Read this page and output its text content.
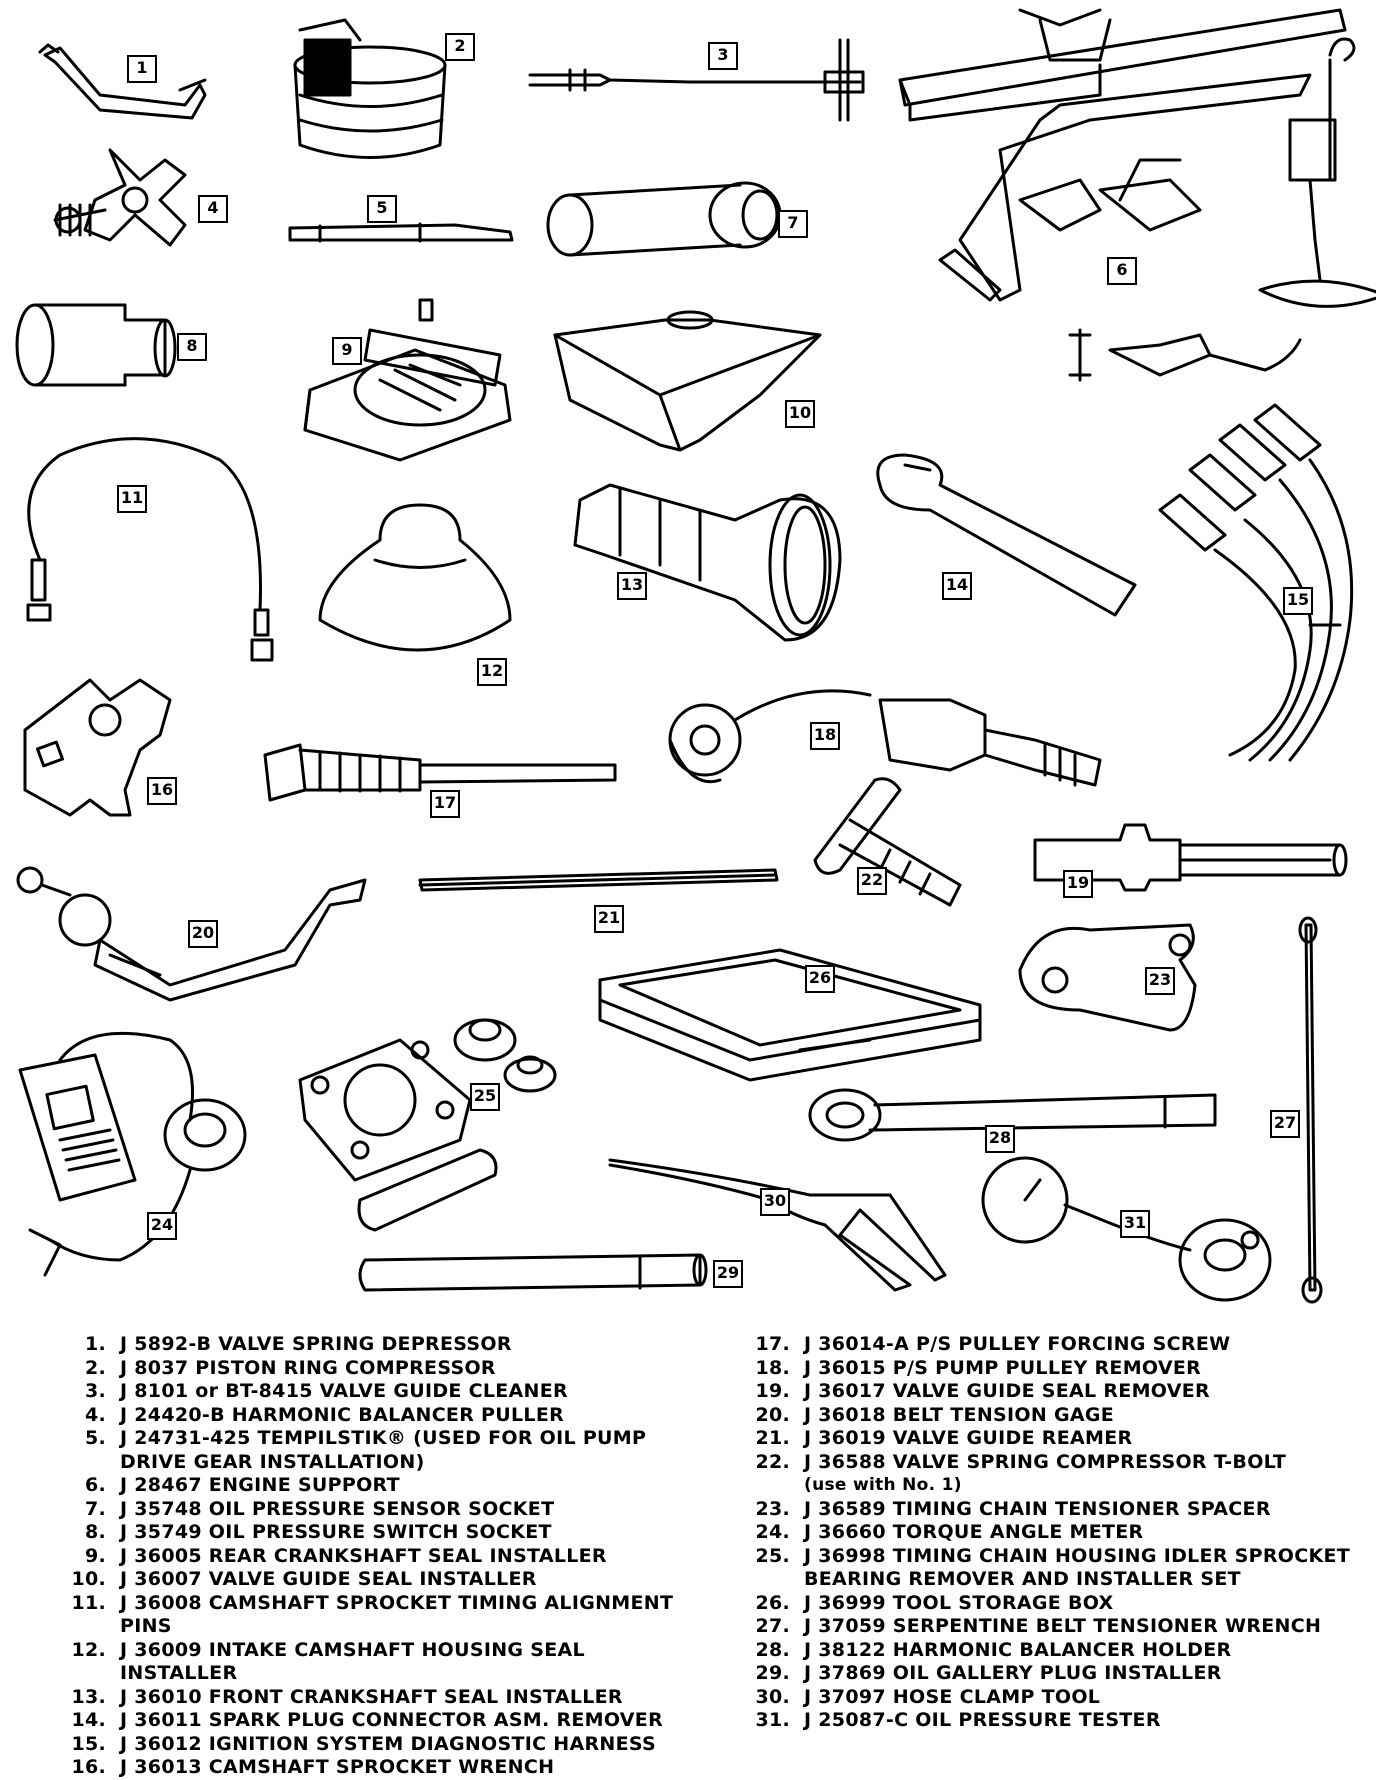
1
2	3
4	5
6
7
8	9
10
11
12
13	14
15
16
17
18
19
20
21
22
23
24
25
26
27
28
29
30
31
1. J 5892-B VALVE SPRING DEPRESSOR
2. J 8037 PISTON RING COMPRESSOR
3. J 8101 or BT-8415 VALVE GUIDE CLEANER
4. J 24420-B HARMONIC BALANCER PULLER
5. J 24731-425 TEMPILSTIK® (USED FOR OIL PUMP
DRIVE GEAR INSTALLATION)
6. J 28467 ENGINE SUPPORT
7. J 35748 OIL PRESSURE SENSOR SOCKET
8. J 35749 OIL PRESSURE SWITCH SOCKET
9. J 36005 REAR CRANKSHAFT SEAL INSTALLER
10. J 36007 VALVE GUIDE SEAL INSTALLER
11. J 36008 CAMSHAFT SPROCKET TIMING ALIGNMENT PINS
12. J 36009 INTAKE CAMSHAFT HOUSING SEAL INSTALLER
13. J 36010 FRONT CRANKSHAFT SEAL INSTALLER
14. J 36011 SPARK PLUG CONNECTOR ASM. REMOVER
15. J 36012 IGNITION SYSTEM DIAGNOSTIC HARNESS
16. J 36013 CAMSHAFT SPROCKET WRENCH
17. J 36014-A P/S PULLEY FORCING SCREW
18. J 36015 P/S PUMP PULLEY REMOVER
19. J 36017 VALVE GUIDE SEAL REMOVER
20. J 36018 BELT TENSION GAGE
21. J 36019 VALVE GUIDE REAMER
22. J 36588 VALVE SPRING COMPRESSOR T-BOLT
(use with No. 1)
23. J 36589 TIMING CHAIN TENSIONER SPACER
24. J 36660 TORQUE ANGLE METER
25. J 36998 TIMING CHAIN HOUSING IDLER SPROCKET
BEARING REMOVER AND INSTALLER SET
26. J 36999 TOOL STORAGE BOX
27. J 37059 SERPENTINE BELT TENSIONER WRENCH
28. J 38122 HARMONIC BALANCER HOLDER
29. J 37869 OIL GALLERY PLUG INSTALLER
30. J 37097 HOSE CLAMP TOOL
31. J 25087-C OIL PRESSURE TESTER
